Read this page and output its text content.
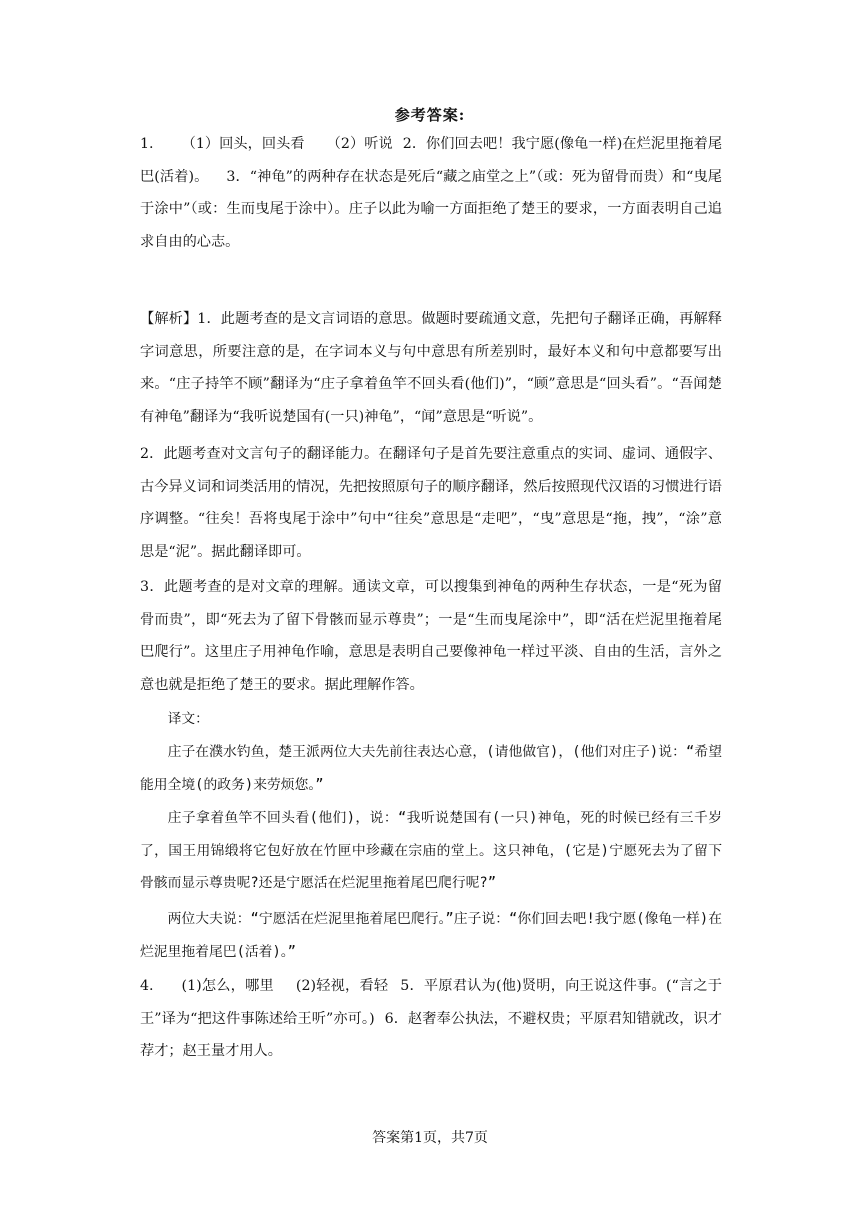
参考答案:
1. （1）回头，回头看 （2）听说 2．你们回去吧！我宁愿(像龟一样)在烂泥里拖着尾巴(活着)。 3．“神龟”的两种存在状态是死后“藏之庙堂之上”（或：死为留骨而贵）和“曳尾于涂中”（或：生而曳尾于涂中）。庄子以此为喻一方面拒绝了楚王的要求，一方面表明自己追求自由的心志。
【解析】1．此题考查的是文言词语的意思。做题时要疏通文意，先把句子翻译正确，再解释字词意思，所要注意的是，在字词本义与句中意思有所差别时，最好本义和句中意都要写出来。“庄子持竿不顾”翻译为“庄子拿着鱼竿不回头看(他们)”，“顾”意思是“回头看”。“吾闻楚有神龟”翻译为“我听说楚国有(一只)神龟”，“闻”意思是“听说”。
2．此题考查对文言句子的翻译能力。在翻译句子是首先要注意重点的实词、虚词、通假字、古今异义词和词类活用的情况，先把按照原句子的顺序翻译，然后按照现代汉语的习惯进行语序调整。“往矣！吾将曳尾于涂中”句中“往矣”意思是“走吧”，“曳”意思是“拖，拽”，“涂”意思是“泥”。据此翻译即可。
3．此题考查的是对文章的理解。通读文章，可以搜集到神龟的两种生存状态，一是“死为留骨而贵”，即“死去为了留下骨骸而显示尊贵”；一是“生而曳尾涂中”，即“活在烂泥里拖着尾巴爬行”。这里庄子用神龟作喻，意思是表明自己要像神龟一样过平淡、自由的生活，言外之意也就是拒绝了楚王的要求。据此理解作答。
译文：
庄子在濮水钓鱼，楚王派两位大夫先前往表达心意，(请他做官)，(他们对庄子)说：“希望能用全境(的政务)来劳烦您。”
庄子拿着鱼竿不回头看(他们)，说：“我听说楚国有(一只)神龟，死的时候已经有三千岁了，国王用锦缎将它包好放在竹匣中珍藏在宗庙的堂上。这只神龟，(它是)宁愿死去为了留下骨骸而显示尊贵呢?还是宁愿活在烂泥里拖着尾巴爬行呢?”
两位大夫说：“宁愿活在烂泥里拖着尾巴爬行。”庄子说：“你们回去吧!我宁愿(像龟一样)在烂泥里拖着尾巴(活着)。”
4. (1)怎么，哪里 (2)轻视，看轻 5．平原君认为(他)贤明，向王说这件事。(“言之于王”译为“把这件事陈述给王听”亦可。) 6．赵奢奉公执法，不避权贵；平原君知错就改，识才荐才；赵王量才用人。
答案第1页，共7页
